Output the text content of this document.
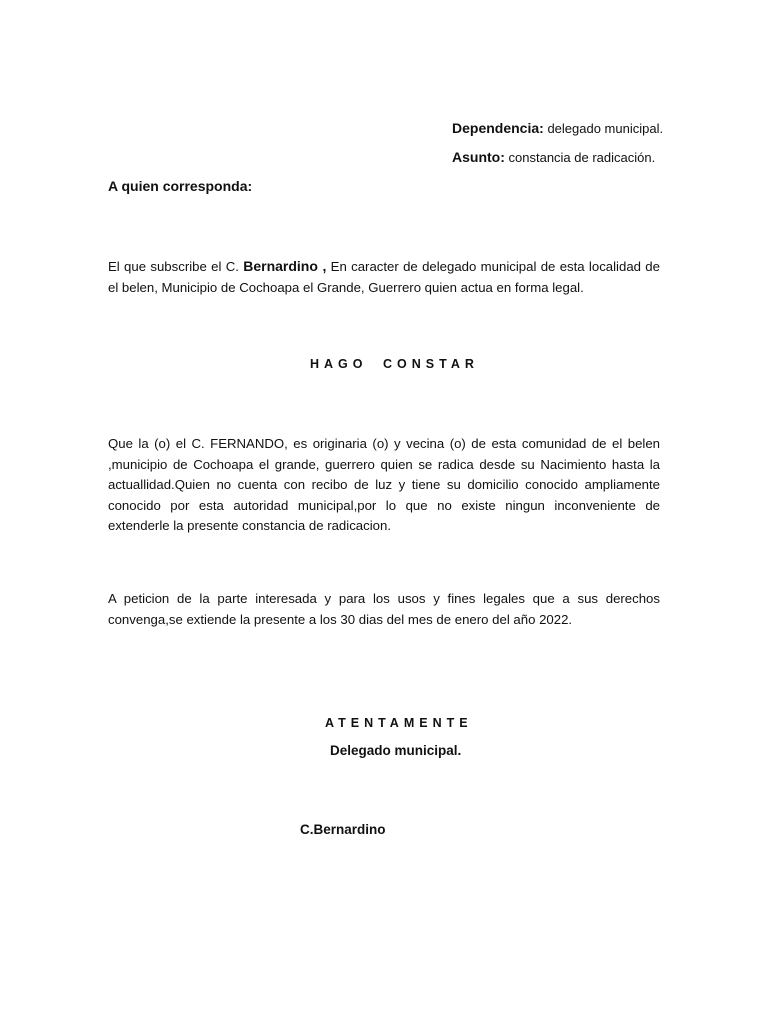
Dependencia: delegado municipal.
Asunto: constancia de radicación.
A quien corresponda:
El que subscribe el C. Bernardino , En caracter de delegado municipal de esta localidad de el belen, Municipio de Cochoapa el Grande, Guerrero quien actua en forma legal.
HAGO CONSTAR
Que la (o) el C. FERNANDO, es originaria (o) y vecina (o) de esta comunidad de el belen ,municipio de Cochoapa el grande, guerrero quien se radica desde su Nacimiento hasta la actuallidad.Quien no cuenta con recibo de luz y tiene su domicilio conocido ampliamente conocido por esta autoridad municipal,por lo que no existe ningun inconveniente de extenderle la presente constancia de radicacion.
A peticion de la parte interesada y para los usos y fines legales que a sus derechos convenga,se extiende la presente a los 30 dias del mes de enero del año 2022.
ATENTAMENTE
Delegado municipal.
C.Bernardino
